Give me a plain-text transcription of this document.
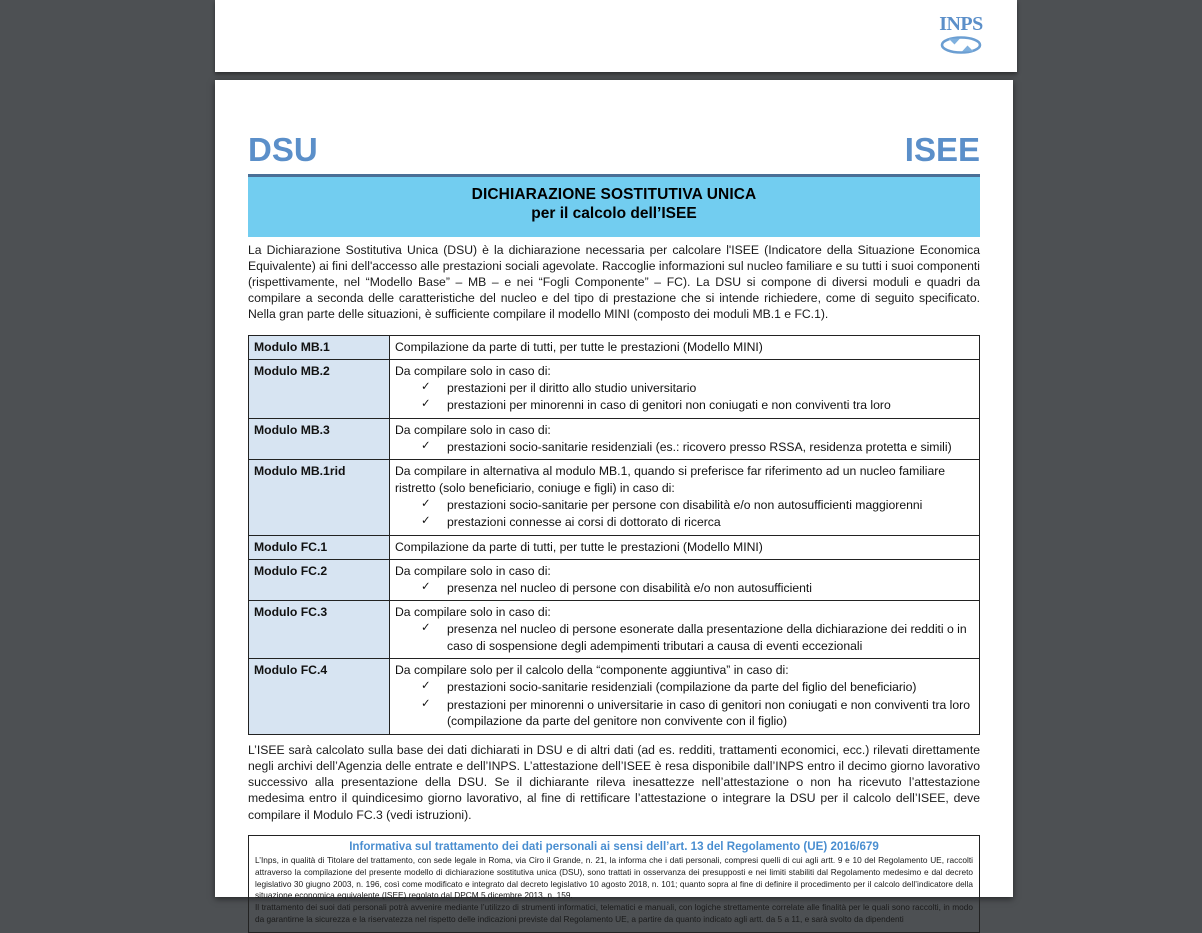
INPS
DSU	ISEE
DICHIARAZIONE SOSTITUTIVA UNICA
per il calcolo dell’ISEE

La Dichiarazione Sostitutiva Unica (DSU) è la dichiarazione necessaria per calcolare l'ISEE (Indicatore della Situazione Economica Equivalente) ai fini dell'accesso alle prestazioni sociali agevolate. Raccoglie informazioni sul nucleo familiare e su tutti i suoi componenti (rispettivamente, nel “Modello Base” – MB – e nei “Fogli Componente” – FC). La DSU si compone di diversi moduli e quadri da compilare a seconda delle caratteristiche del nucleo e del tipo di prestazione che si intende richiedere, come di seguito specificato. Nella gran parte delle situazioni, è sufficiente compilare il modello MINI (composto dei moduli MB.1 e FC.1).

Modulo MB.1	Compilazione da parte di tutti, per tutte le prestazioni (Modello MINI)

Modulo MB.2	Da compilare solo in caso di:
✓ prestazioni per il diritto allo studio universitario
✓ prestazioni per minorenni in caso di genitori non coniugati e non conviventi tra loro

Modulo MB.3	Da compilare solo in caso di:
✓ prestazioni socio-sanitarie residenziali (es.: ricovero presso RSSA, residenza protetta e simili)

Modulo MB.1rid	Da compilare in alternativa al modulo MB.1, quando si preferisce far riferimento ad un nucleo familiare ristretto (solo beneficiario, coniuge e figli) in caso di:
✓ prestazioni socio-sanitarie per persone con disabilità e/o non autosufficienti maggiorenni
✓ prestazioni connesse ai corsi di dottorato di ricerca

Modulo FC.1	Compilazione da parte di tutti, per tutte le prestazioni (Modello MINI)

Modulo FC.2	Da compilare solo in caso di:
✓ presenza nel nucleo di persone con disabilità e/o non autosufficienti

Modulo FC.3	Da compilare solo in caso di:
✓ presenza nel nucleo di persone esonerate dalla presentazione della dichiarazione dei redditi o in caso di sospensione degli adempimenti tributari a causa di eventi eccezionali

Modulo FC.4	Da compilare solo per il calcolo della “componente aggiuntiva” in caso di:
✓ prestazioni socio-sanitarie residenziali (compilazione da parte del figlio del beneficiario)
✓ prestazioni per minorenni o universitarie in caso di genitori non coniugati e non conviventi tra loro (compilazione da parte del genitore non convivente con il figlio)

L’ISEE sarà calcolato sulla base dei dati dichiarati in DSU e di altri dati (ad es. redditi, trattamenti economici, ecc.) rilevati direttamente negli archivi dell’Agenzia delle entrate e dell’INPS. L’attestazione dell’ISEE è resa disponibile dall’INPS entro il decimo giorno lavorativo successivo alla presentazione della DSU. Se il dichiarante rileva inesattezze nell’attestazione o non ha ricevuto l’attestazione medesima entro il quindicesimo giorno lavorativo, al fine di rettificare l’attestazione o integrare la DSU per il calcolo dell’ISEE, deve compilare il Modulo FC.3 (vedi istruzioni).

Informativa sul trattamento dei dati personali ai sensi dell’art. 13 del Regolamento (UE) 2016/679

L’Inps, in qualità di Titolare del trattamento, con sede legale in Roma, via Ciro il Grande, n. 21, la informa che i dati personali, compresi quelli di cui agli artt. 9 e 10 del Regolamento UE, raccolti attraverso la compilazione del presente modello di dichiarazione sostitutiva unica (DSU), sono trattati in osservanza dei presupposti e nei limiti stabiliti dal Regolamento medesimo e dal decreto legislativo 30 giugno 2003, n. 196, così come modificato e integrato dal decreto legislativo 10 agosto 2018, n. 101; quanto sopra al fine di definire il procedimento per il calcolo dell’indicatore della situazione economica equivalente (ISEE) regolato dal DPCM 5 dicembre 2013, n. 159.

Il trattamento dei suoi dati personali potrà avvenire mediante l’utilizzo di strumenti informatici, telematici e manuali, con logiche strettamente correlate alle finalità per le quali sono raccolti, in modo da garantirne la sicurezza e la riservatezza nel rispetto delle indicazioni previste dal Regolamento UE, a partire da quanto indicato agli artt. da 5 a 11, e sarà svolto da dipendenti
